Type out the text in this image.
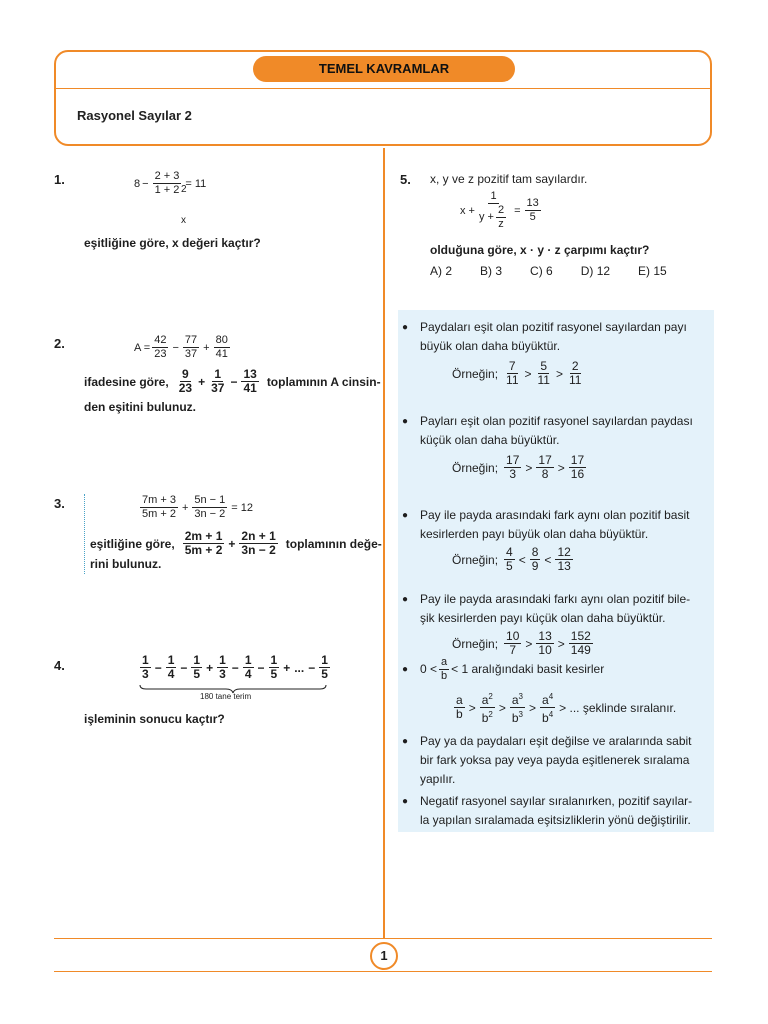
TEMEL KAVRAMLAR
Rasyonel Sayılar 2
1.	$8 - \frac{2 + 3}{1 + 2} = 11$
2
x
eşitliğine göre, x değeri kaçtır?
2.	$A = \frac{42}{23} - \frac{77}{37} + \frac{80}{41}$
ifadesine göre, $\frac{9}{23} + \frac{1}{37} - \frac{13}{41}$ toplamının A cinsin-
den eşitini bulunuz.
3.	$\frac{7m + 3}{5m + 2} + \frac{5n - 1}{3n - 2} = 12$
eşitliğine göre, $\frac{2m + 1}{5m + 2} + \frac{2n + 1}{3n - 2}$ toplamının değe-
rini bulunuz.
4.	$\frac{1}{3} - \frac{1}{4} - \frac{1}{5} + \frac{1}{3} - \frac{1}{4} - \frac{1}{5}$ + ... − $\frac{1}{5}$
180 tane terim
işleminin sonucu kaçtır?
5. x, y ve z pozitif tam sayılardır.
$x + \frac{1}{y + \frac{2}{z}} = \frac{13}{5}$
olduğuna göre, x · y · z çarpımı kaçtır?
A) 2 B) 3 C) 6 D) 12 E) 15
● Paydaları eşit olan pozitif rasyonel sayılardan payı
büyük olan daha büyüktür.
Örneğin; $\frac{7}{11} > \frac{5}{11} > \frac{2}{11}$
● Payları eşit olan pozitif rasyonel sayılardan paydası
küçük olan daha büyüktür.
Örneğin; $\frac{17}{3} > \frac{17}{8} > \frac{17}{16}$
● Pay ile payda arasındaki fark aynı olan pozitif basit
kesirlerden payı büyük olan daha büyüktür.
Örneğin; $\frac{4}{5} < \frac{8}{9} < \frac{12}{13}$
● Pay ile payda arasındaki farkı aynı olan pozitif bile-
şik kesirlerden payı küçük olan daha büyüktür.
Örneğin; $\frac{10}{7} > \frac{13}{10} > \frac{152}{149}$
● $0 < \frac{a}{b} < 1$ aralığındaki basit kesirler
$\frac{a}{b} > \frac{a^2}{b^2} > \frac{a^3}{b^3} > \frac{a^4}{b^4}$ > ... şeklinde sıralanır.
● Pay ya da paydaları eşit değilse ve aralarında sabit
bir fark yoksa pay veya payda eşitlenerek sıralama
yapılır.
● Negatif rasyonel sayılar sıralanırken, pozitif sayılar-
la yapılan sıralamada eşitsizliklerin yönü değiştirilir.
1
